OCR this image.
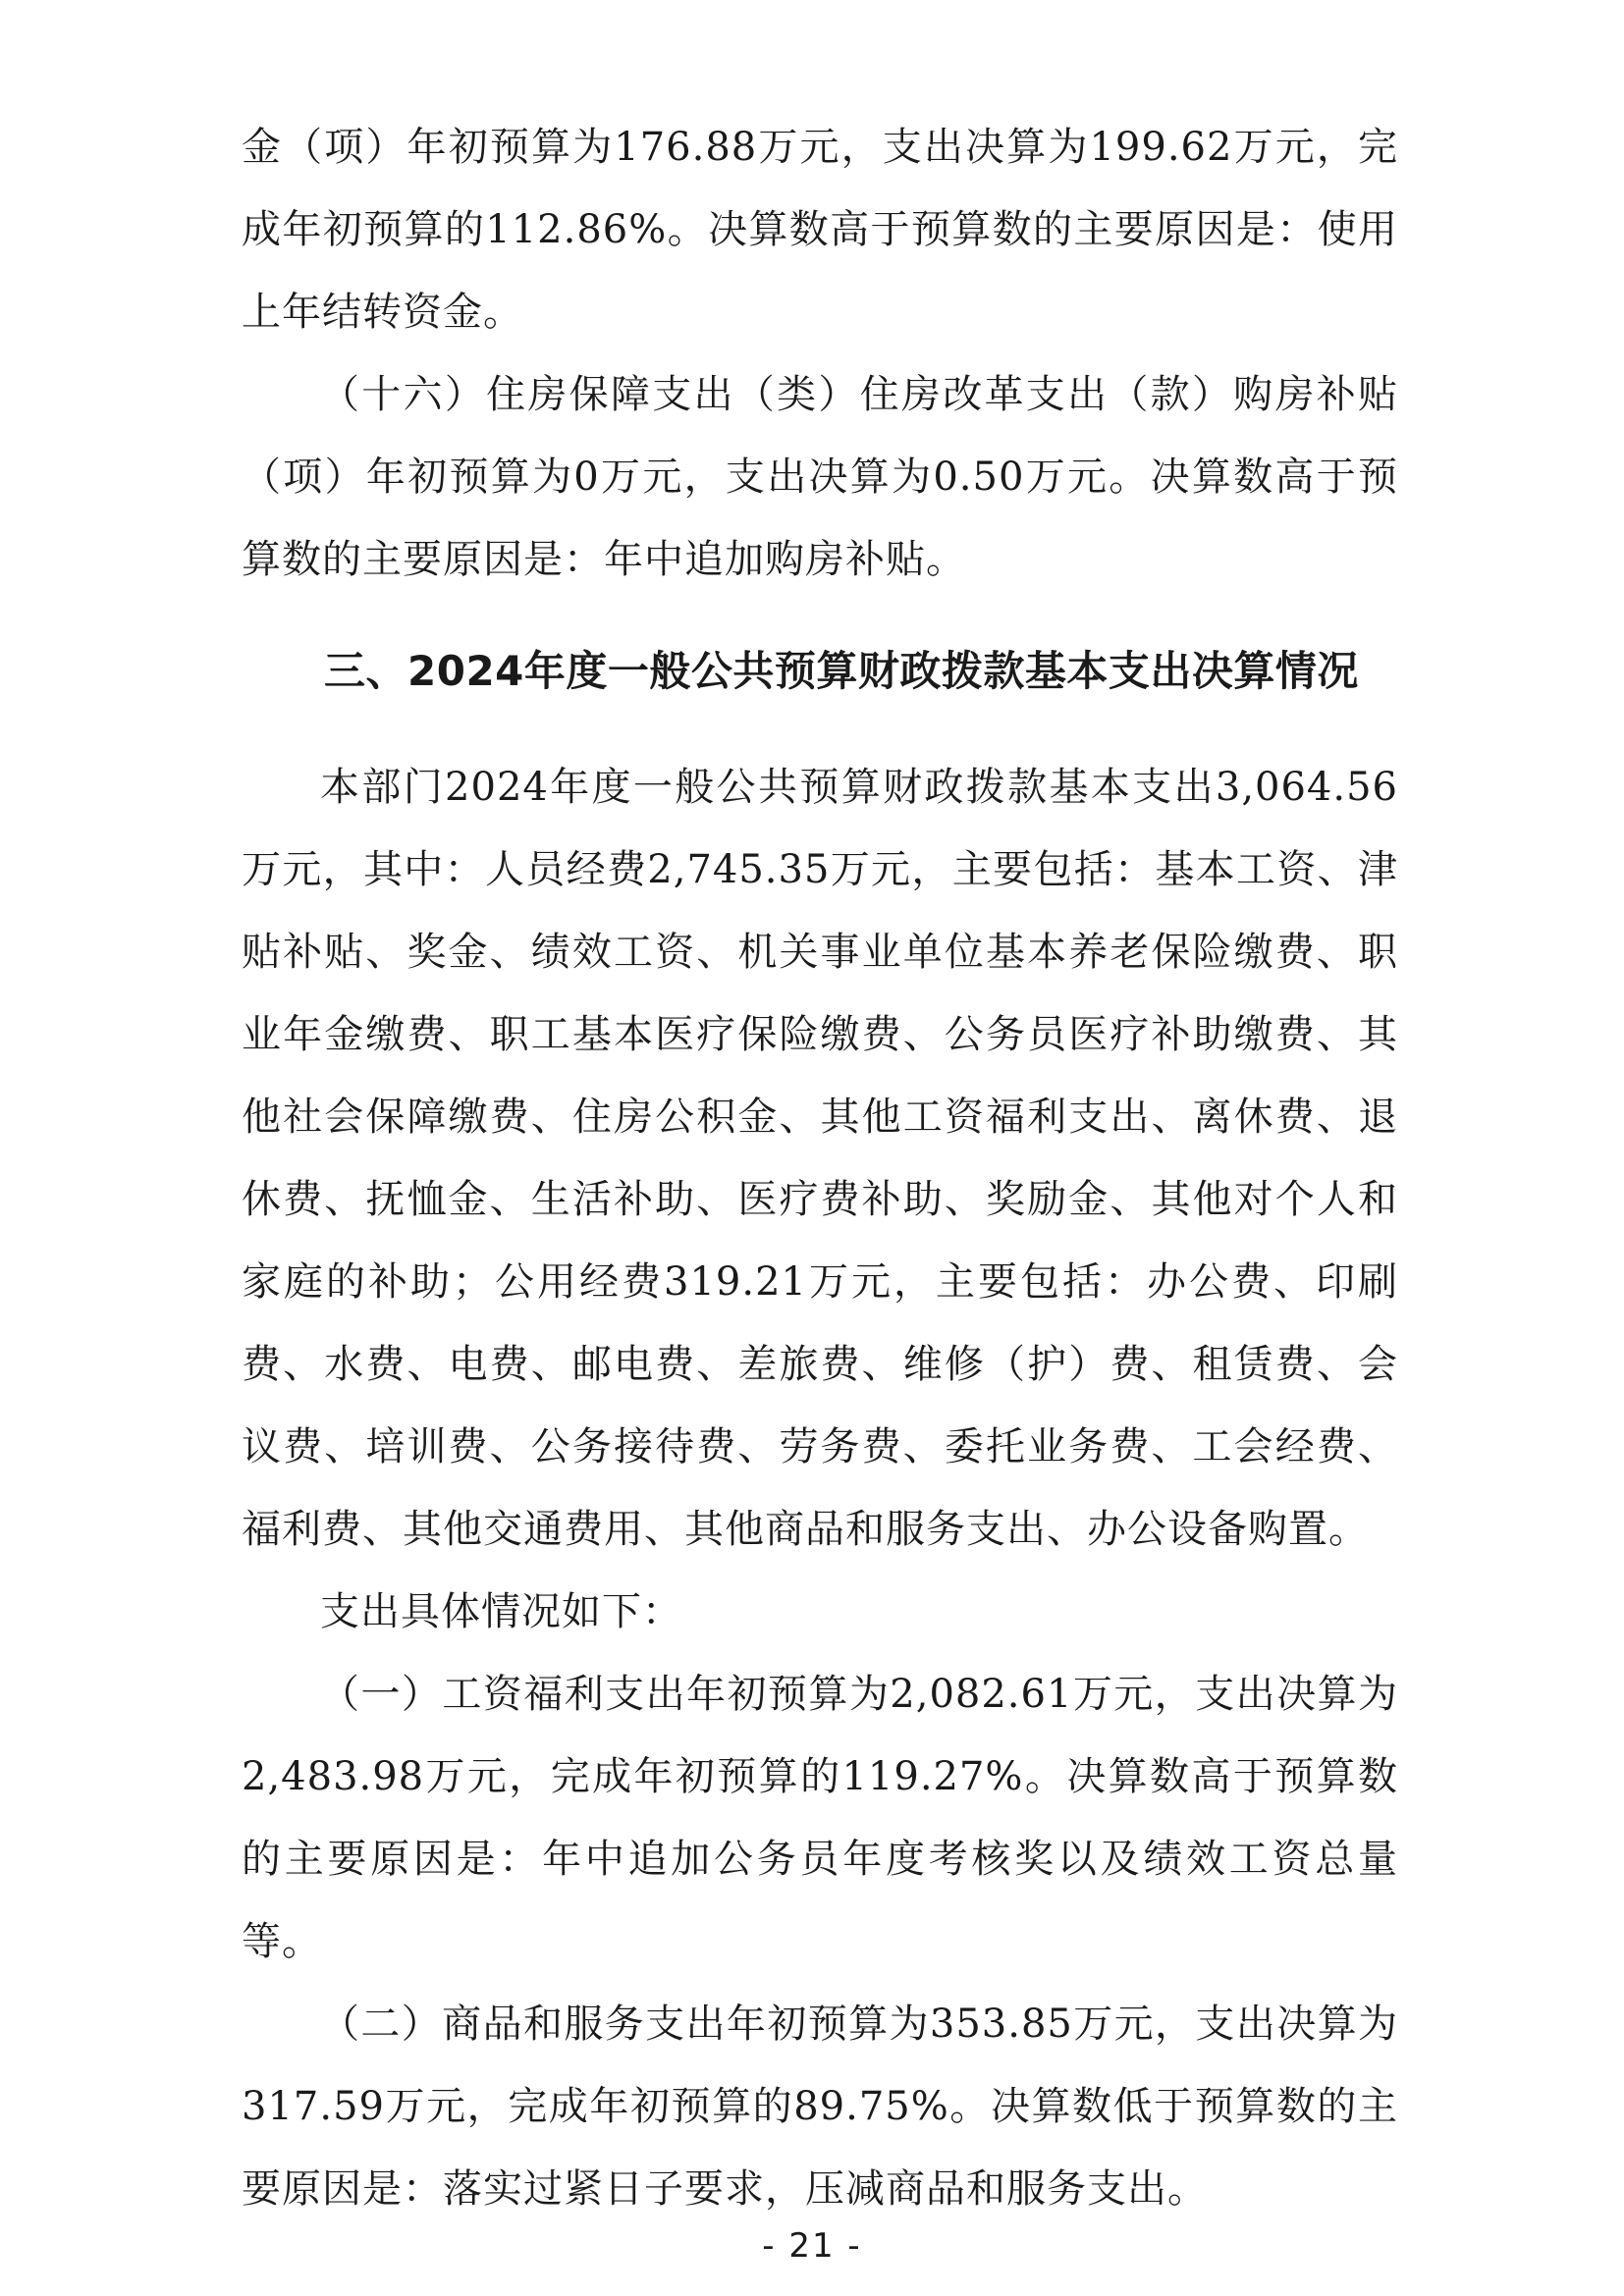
金（项）年初预算为176.88万元，支出决算为199.62万元，完成年初预算的112.86%。决算数高于预算数的主要原因是：使用上年结转资金。

（十六）住房保障支出（类）住房改革支出（款）购房补贴（项）年初预算为0万元，支出决算为0.50万元。决算数高于预算数的主要原因是：年中追加购房补贴。

三、2024年度一般公共预算财政拨款基本支出决算情况

本部门2024年度一般公共预算财政拨款基本支出3,064.56万元，其中：人员经费2,745.35万元，主要包括：基本工资、津贴补贴、奖金、绩效工资、机关事业单位基本养老保险缴费、职业年金缴费、职工基本医疗保险缴费、公务员医疗补助缴费、其他社会保障缴费、住房公积金、其他工资福利支出、离休费、退休费、抚恤金、生活补助、医疗费补助、奖励金、其他对个人和家庭的补助；公用经费319.21万元，主要包括：办公费、印刷费、水费、电费、邮电费、差旅费、维修（护）费、租赁费、会议费、培训费、公务接待费、劳务费、委托业务费、工会经费、福利费、其他交通费用、其他商品和服务支出、办公设备购置。

支出具体情况如下：

（一）工资福利支出年初预算为2,082.61万元，支出决算为2,483.98万元，完成年初预算的119.27%。决算数高于预算数的主要原因是：年中追加公务员年度考核奖以及绩效工资总量等。

（二）商品和服务支出年初预算为353.85万元，支出决算为317.59万元，完成年初预算的89.75%。决算数低于预算数的主要原因是：落实过紧日子要求，压减商品和服务支出。

- 21 -
